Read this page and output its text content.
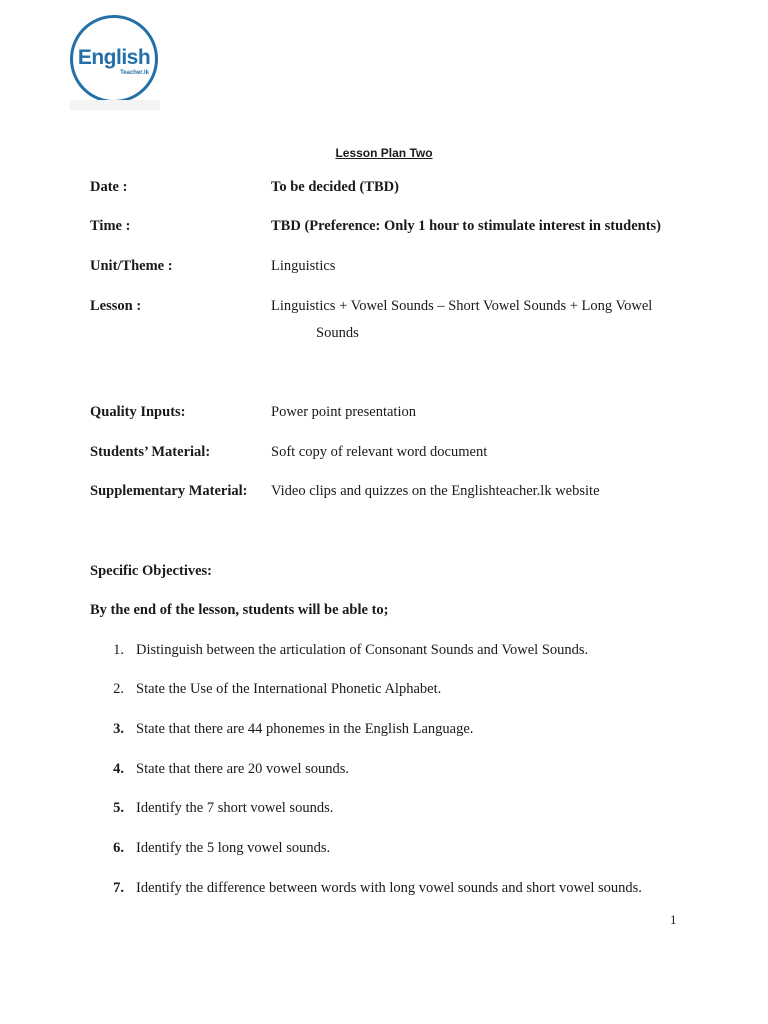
English
Teacher.lk
Lesson Plan Two
Date :	To be decided (TBD)
Time :	TBD (Preference: Only 1 hour to stimulate interest in students)
Unit/Theme :	Linguistics
Lesson :	Linguistics + Vowel Sounds – Short Vowel Sounds + Long Vowel
Sounds
Quality Inputs:	Power point presentation
Students’ Material:	Soft copy of relevant word document
Supplementary Material: Video clips and quizzes on the Englishteacher.lk website
Specific Objectives:
By the end of the lesson, students will be able to;
1. Distinguish between the articulation of Consonant Sounds and Vowel Sounds.
2. State the Use of the International Phonetic Alphabet.
3. State that there are 44 phonemes in the English Language.
4. State that there are 20 vowel sounds.
5. Identify the 7 short vowel sounds.
6. Identify the 5 long vowel sounds.
7. Identify the difference between words with long vowel sounds and short vowel sounds.
1
